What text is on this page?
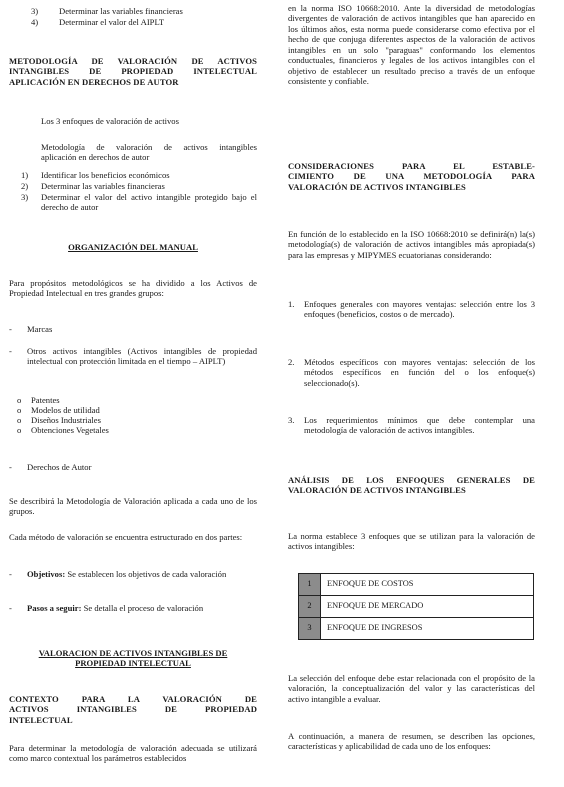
3)	Determinar las variables financieras
4)	Determinar el valor del AIPLT

METODOLOGÍA DE VALORACIÓN DE ACTIVOS

INTANGIBLES DE PROPIEDAD INTELECTUAL

APLICACIÓN EN DERECHOS DE AUTOR

Los 3 enfoques de valoración de activos

Metodología de valoración de activos intangibles

aplicación en derechos de autor

1)	Identificar los beneficios económicos
2)	Determinar las variables financieras
3)	Determinar el valor del activo intangible protegido bajo el derecho de autor

ORGANIZACIÓN DEL MANUAL

Para propósitos metodológicos se ha dividido a los Activos de Propiedad Intelectual en tres grandes grupos:

-	Marcas
-	Otros activos intangibles (Activos intangibles de propiedad intelectual con protección limitada en el tiempo – AIPLT)
o	Patentes
o	Modelos de utilidad
o	Diseños Industriales
o	Obtenciones Vegetales
-	Derechos de Autor

Se describirá la Metodología de Valoración aplicada a cada uno de los grupos.

Cada método de valoración se encuentra estructurado en dos partes:

-	Objetivos: Se establecen los objetivos de cada valoración
-	Pasos a seguir: Se detalla el proceso de valoración

VALORACION DE ACTIVOS INTANGIBLES DE

PROPIEDAD INTELECTUAL

CONTEXTO PARA LA VALORACIÓN DE

ACTIVOS INTANGIBLES DE PROPIEDAD

INTELECTUAL

Para determinar la metodología de valoración adecuada se utilizará como marco contextual los parámetros establecidos

en la norma ISO 10668:2010. Ante la diversidad de metodologías divergentes de valoración de activos intangibles que han aparecido en los últimos años, esta norma puede considerarse como efectiva por el hecho de que conjuga diferentes aspectos de la valoración de activos intangibles en un solo "paraguas" conformando los elementos conductuales, financieros y legales de los activos intangibles con el objetivo de establecer un resultado preciso a través de un enfoque consistente y confiable.

CONSIDERACIONES PARA EL ESTABLE-

CIMIENTO DE UNA METODOLOGÍA PARA

VALORACIÓN DE ACTIVOS INTANGIBLES

En función de lo establecido en la ISO 10668:2010 se definirá(n) la(s) metodología(s) de valoración de activos intangibles más apropiada(s) para las empresas y MIPYMES ecuatorianas considerando:

1.	Enfoques generales con mayores ventajas: selección entre los 3 enfoques (beneficios, costos o de mercado).
2.	Métodos específicos con mayores ventajas: selección de los métodos específicos en función del o los enfoque(s) seleccionado(s).
3.	Los requerimientos mínimos que debe contemplar una metodología de valoración de activos intangibles.

ANÁLISIS DE LOS ENFOQUES GENERALES DE

VALORACIÓN DE ACTIVOS INTANGIBLES

La norma establece 3 enfoques que se utilizan para la valoración de activos intangibles:

1	ENFOQUE DE COSTOS
2	ENFOQUE DE MERCADO
3	ENFOQUE DE INGRESOS

La selección del enfoque debe estar relacionada con el propósito de la valoración, la conceptualización del valor y las características del activo intangible a evaluar.

A continuación, a manera de resumen, se describen las opciones, características y aplicabilidad de cada uno de los enfoques:
